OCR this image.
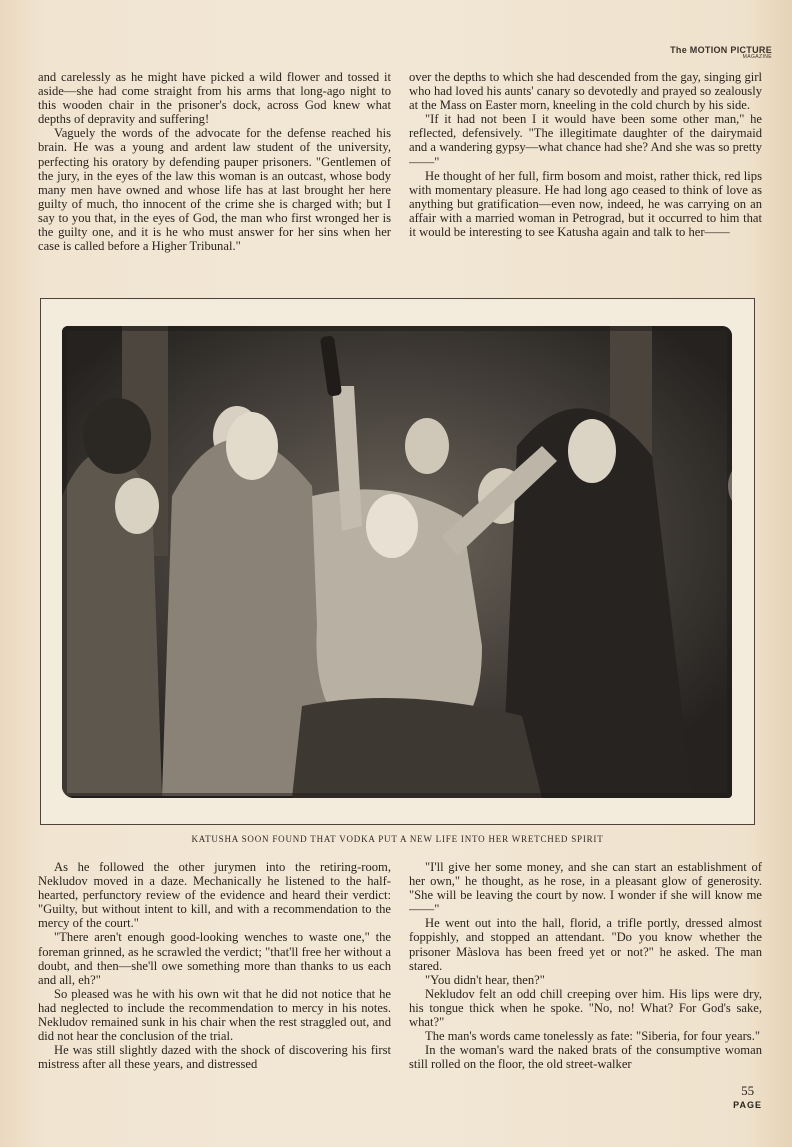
The MOTION PICTURE
MAGAZINE

and carelessly as he might have picked a wild flower and tossed it aside—she had come straight from his arms that long-ago night to this wooden chair in the prisoner's dock, across God knew what depths of depravity and suffering!

Vaguely the words of the advocate for the defense reached his brain. He was a young and ardent law student of the university, perfecting his oratory by defending pauper prisoners. "Gentlemen of the jury, in the eyes of the law this woman is an outcast, whose body many men have owned and whose life has at last brought her here guilty of much, tho innocent of the crime she is charged with; but I say to you that, in the eyes of God, the man who first wronged her is the guilty one, and it is he who must answer for her sins when her case is called before a Higher Tribunal."

over the depths to which she had descended from the gay, singing girl who had loved his aunts' canary so devotedly and prayed so zealously at the Mass on Easter morn, kneeling in the cold church by his side.

"If it had not been I it would have been some other man," he reflected, defensively. "The illegitimate daughter of the dairymaid and a wandering gypsy—what chance had she? And she was so pretty——"

He thought of her full, firm bosom and moist, rather thick, red lips with momentary pleasure. He had long ago ceased to think of love as anything but gratification—even now, indeed, he was carrying on an affair with a married woman in Petrograd, but it occurred to him that it would be interesting to see Katusha again and talk to her——

KATUSHA SOON FOUND THAT VODKA PUT A NEW LIFE INTO HER WRETCHED SPIRIT

As he followed the other jurymen into the retiring-room, Nekludov moved in a daze. Mechanically he listened to the half-hearted, perfunctory review of the evidence and heard their verdict: "Guilty, but without intent to kill, and with a recommendation to the mercy of the court."

"There aren't enough good-looking wenches to waste one," the foreman grinned, as he scrawled the verdict; "that'll free her without a doubt, and then—she'll owe something more than thanks to us each and all, eh?"

So pleased was he with his own wit that he did not notice that he had neglected to include the recommendation to mercy in his notes. Nekludov remained sunk in his chair when the rest straggled out, and did not hear the conclusion of the trial.

He was still slightly dazed with the shock of discovering his first mistress after all these years, and distressed

"I'll give her some money, and she can start an establishment of her own," he thought, as he rose, in a pleasant glow of generosity. "She will be leaving the court by now. I wonder if she will know me——"

He went out into the hall, florid, a trifle portly, dressed almost foppishly, and stopped an attendant. "Do you know whether the prisoner Màslova has been freed yet or not?" he asked. The man stared.

"You didn't hear, then?"

Nekludov felt an odd chill creeping over him. His lips were dry, his tongue thick when he spoke. "No, no! What? For God's sake, what?"

The man's words came tonelessly as fate: "Siberia, for four years."

In the woman's ward the naked brats of the consumptive woman still rolled on the floor, the old street-walker

55
PAGE
